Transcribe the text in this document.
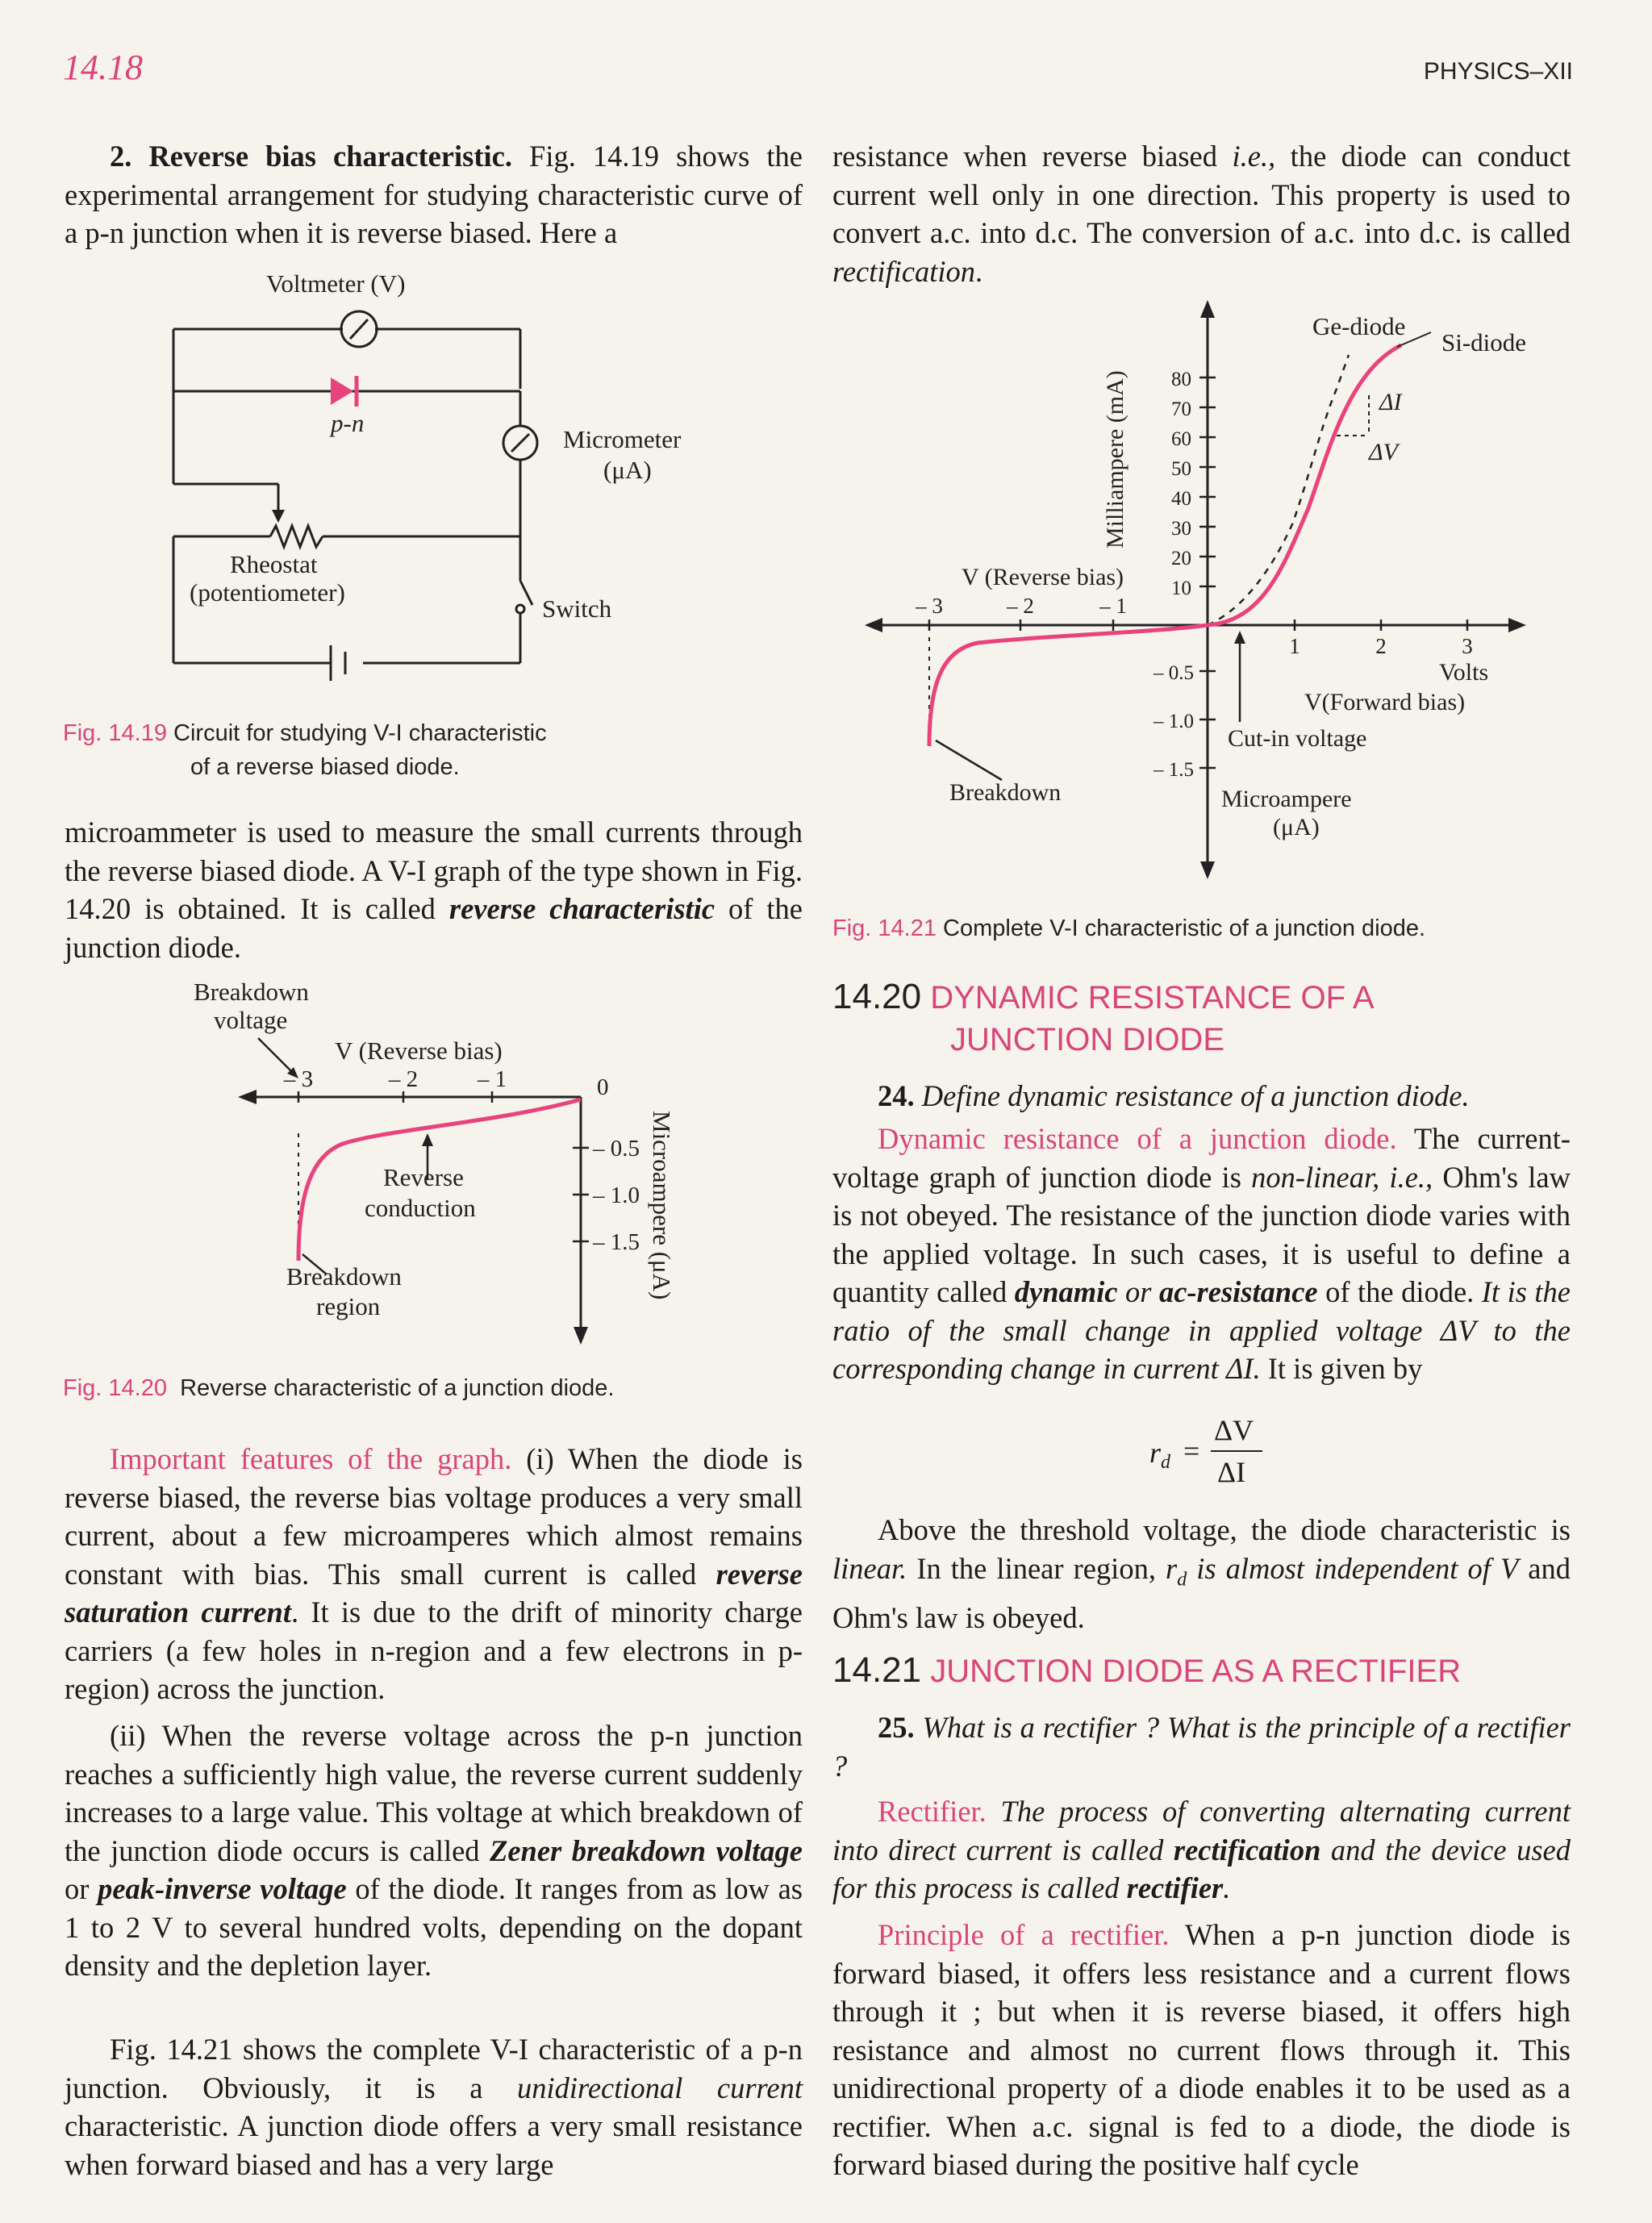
14.18	PHYSICS–XII

2. Reverse bias characteristic. Fig. 14.19 shows the experimental arrangement for studying characteristic curve of a p-n junction when it is reverse biased. Here a

Voltmeter (V)
p-n
Micrometer
(μA)
Rheostat
(potentiometer)
Switch
Fig. 14.19 Circuit for studying V-I characteristic
of a reverse biased diode.

microammeter is used to measure the small currents through the reverse biased diode. A V-I graph of the type shown in Fig. 14.20 is obtained. It is called reverse characteristic of the junction diode.

Breakdown
voltage
V (Reverse bias)
– 3	– 2	– 1	0
– 0.5
– 1.0
– 1.5
Reverse
conduction
Breakdown
region
Microampere (μA)
Fig. 14.20 Reverse characteristic of a junction diode.

Important features of the graph. (i) When the diode is reverse biased, the reverse bias voltage produces a very small current, about a few microamperes which almost remains constant with bias. This small current is called reverse saturation current. It is due to the drift of minority charge carriers (a few holes in n-region and a few electrons in p-region) across the junction.

(ii) When the reverse voltage across the p-n junction reaches a sufficiently high value, the reverse current suddenly increases to a large value. This voltage at which breakdown of the junction diode occurs is called Zener breakdown voltage or peak-inverse voltage of the diode. It ranges from as low as 1 to 2 V to several hundred volts, depending on the dopant density and the depletion layer.

Fig. 14.21 shows the complete V-I characteristic of a p-n junction. Obviously, it is a unidirectional current characteristic. A junction diode offers a very small resistance when forward biased and has a very large

resistance when reverse biased i.e., the diode can conduct current well only in one direction. This property is used to convert a.c. into d.c. The conversion of a.c. into d.c. is called rectification.

Ge-diode
Si-diode
ΔI
ΔV
Milliampere (mA) 80
70
60
50
40
30
20
10
V (Reverse bias)
– 3	– 2	– 1
1	2	3
Volts
V(Forward bias)
Cut-in voltage
– 0.5
– 1.0
– 1.5
Breakdown	Microampere
(μA)
Fig. 14.21 Complete V-I characteristic of a junction diode.
14.20 DYNAMIC RESISTANCE OF A
JUNCTION DIODE

24. Define dynamic resistance of a junction diode.

Dynamic resistance of a junction diode. The current- voltage graph of junction diode is non-linear, i.e., Ohm's law is not obeyed. The resistance of the junction diode varies with the applied voltage. In such cases, it is useful to define a quantity called dynamic or ac-resistance of the diode. It is the ratio of the small change in applied voltage ΔV to the corresponding change in current ΔI. It is given by

r d =
ΔV
ΔI

Above the threshold voltage, the diode characteristic is linear. In the linear region, $r_d$ is almost independent of V and Ohm's law is obeyed.

14.21 JUNCTION DIODE AS A RECTIFIER

25. What is a rectifier ? What is the principle of a rectifier ?

Rectifier. The process of converting alternating current into direct current is called rectification and the device used for this process is called rectifier.

Principle of a rectifier. When a p-n junction diode is forward biased, it offers less resistance and a current flows through it ; but when it is reverse biased, it offers high resistance and almost no current flows through it. This unidirectional property of a diode enables it to be used as a rectifier. When a.c. signal is fed to a diode, the diode is forward biased during the positive half cycle
